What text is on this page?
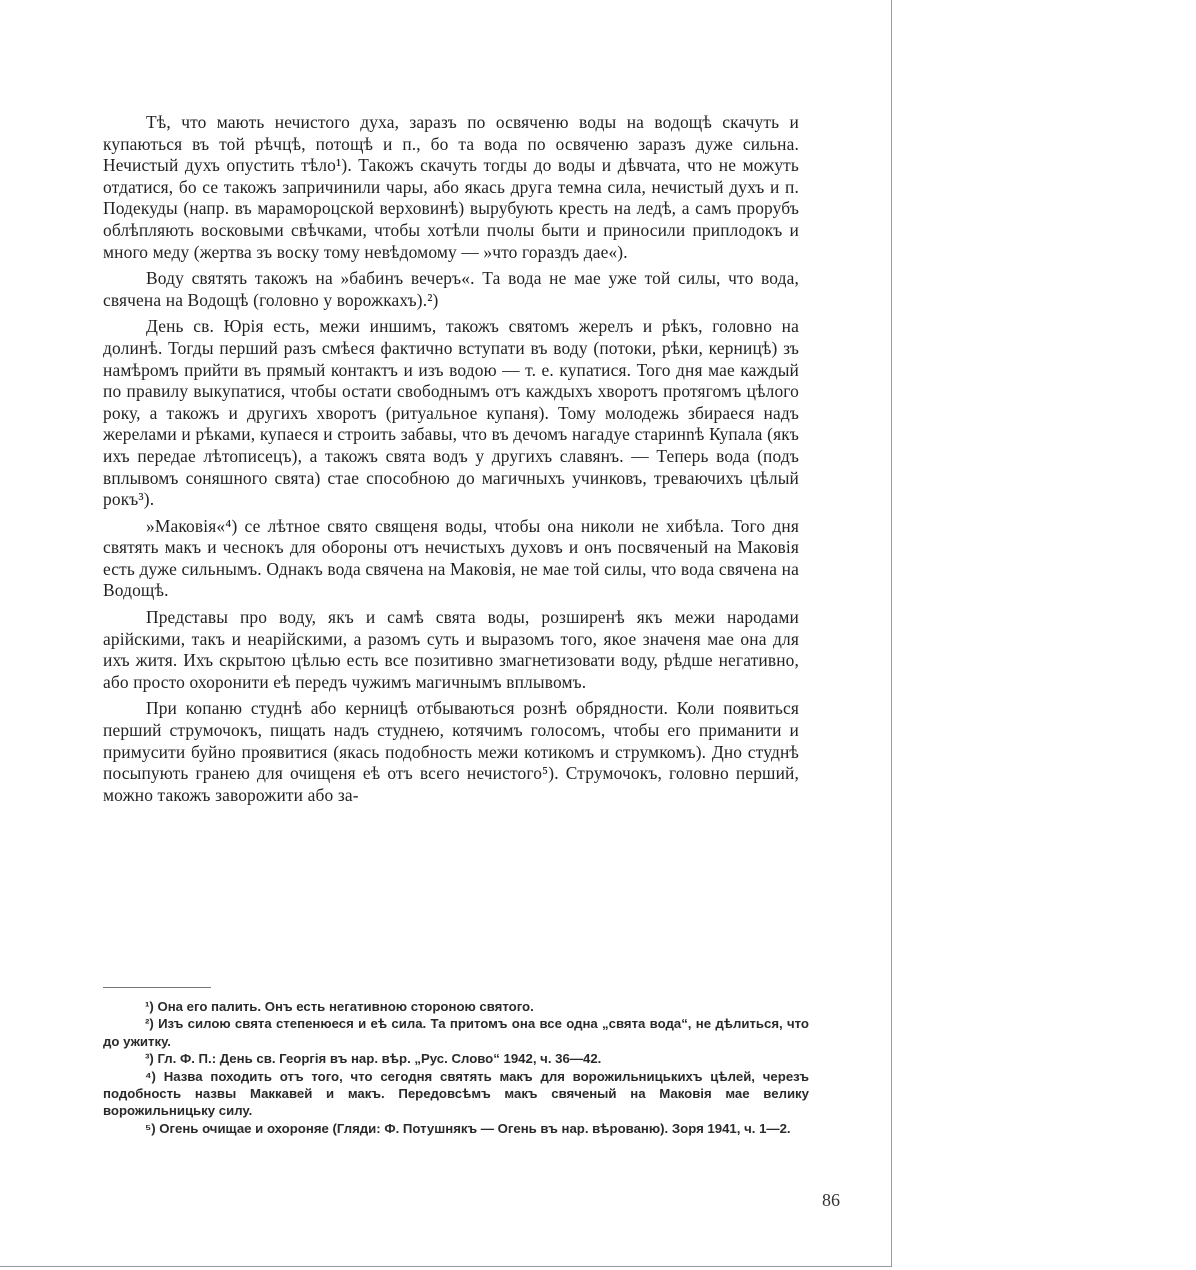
Тѣ, что мають нечистого духа, заразъ по освяченю воды на водощѣ скачуть и купаються въ той рѣчцѣ, потощѣ и п., бо та вода по освяченю заразъ дуже сильна. Нечистый духъ опустить тѣло¹). Такожъ скачуть тогды до воды и дѣвчата, что не можуть отдатися, бо се такожъ запричинили чары, або якась друга темна сила, нечистый духъ и п. Подекуды (напр. въ марамороцской верховинѣ) вырубують кресть на ледѣ, а самъ прорубъ облѣпляють восковыми свѣчками, чтобы хотѣли пчолы быти и приносили приплодокъ и много меду (жертва зъ воску тому невѣдомому — »что гораздъ дае«).

Воду святять такожъ на »бабинъ вечеръ«. Та вода не мае уже той силы, что вода, свячена на Водощѣ (головно у ворожкахъ).²)

День св. Юрія есть, межи иншимъ, такожъ святомъ жерелъ и рѣкъ, головно на долинѣ. Тогды перший разъ смѣеся фактично вступати въ воду (потоки, рѣки, керницѣ) зъ намѣромъ прийти въ прямый контактъ и изъ водою — т. е. купатися. Того дня мае каждый по правилу выкупатися, чтобы остати свободнымъ отъ каждыхъ хворотъ протягомъ цѣлого року, а такожъ и другихъ хворотъ (ритуальное купаня). Тому молодежь збираеся надъ жерелами и рѣками, купаеся и строить забавы, что въ дечомъ нагадуе старинnѣ Купала (якъ ихъ передае лѣтописецъ), а такожъ свята водъ у другихъ славянъ. — Теперь вода (подъ вплывомъ соняшного свята) стае способною до магичныхъ учинковъ, треваючихъ цѣлый рокъ³).

»Маковія«⁴) се лѣтное свято священя воды, чтобы она николи не хибѣла. Того дня святять макъ и чеснокъ для обороны отъ нечистыхъ духовъ и онъ посвяченый на Маковія есть дуже сильнымъ. Однакъ вода свячена на Маковія, не мае той силы, что вода свячена на Водощѣ.

Представы про воду, якъ и самѣ свята воды, розширенѣ якъ межи народами арійскими, такъ и неарійскими, а разомъ суть и выразомъ того, якое значеня мае она для ихъ житя. Ихъ скрытою цѣлью есть все позитивно змагнетизовати воду, рѣдше негативно, або просто охоронити еѣ передъ чужимъ магичнымъ вплывомъ.

При копаню студнѣ або керницѣ отбываються рознѣ обрядности. Коли появиться перший струмочокъ, пищать надъ студнею, котячимъ голосомъ, чтобы его приманити и примусити буйно проявитися (якась подобность межи котикомъ и струмкомъ). Дно студнѣ посыпують гранею для очищеня еѣ отъ всего нечистого⁵). Струмочокъ, головно перший, можно такожъ заворожити або за-

¹) Она его палить. Онъ есть негативною стороною святого.

²) Изъ силою свята степенюеся и еѣ сила. Та притомъ она все одна „свята вода“, не дѣлиться, что до ужитку.

³) Гл. Ф. П.: День св. Георгія въ нар. вѣр. „Рус. Слово“ 1942, ч. 36—42.

⁴) Назва походить отъ того, что сегодня святять макъ для ворожильницькихъ цѣлей, черезъ подобность назвы Маккавей и макъ. Передовсѣмъ макъ свяченый на Маковія мае велику ворожильницьку силу.

⁵) Огень очищае и охороняе (Гляди: Ф. Потушнякъ — Огень въ нар. вѣрованю). Зоря 1941, ч. 1—2.

86
